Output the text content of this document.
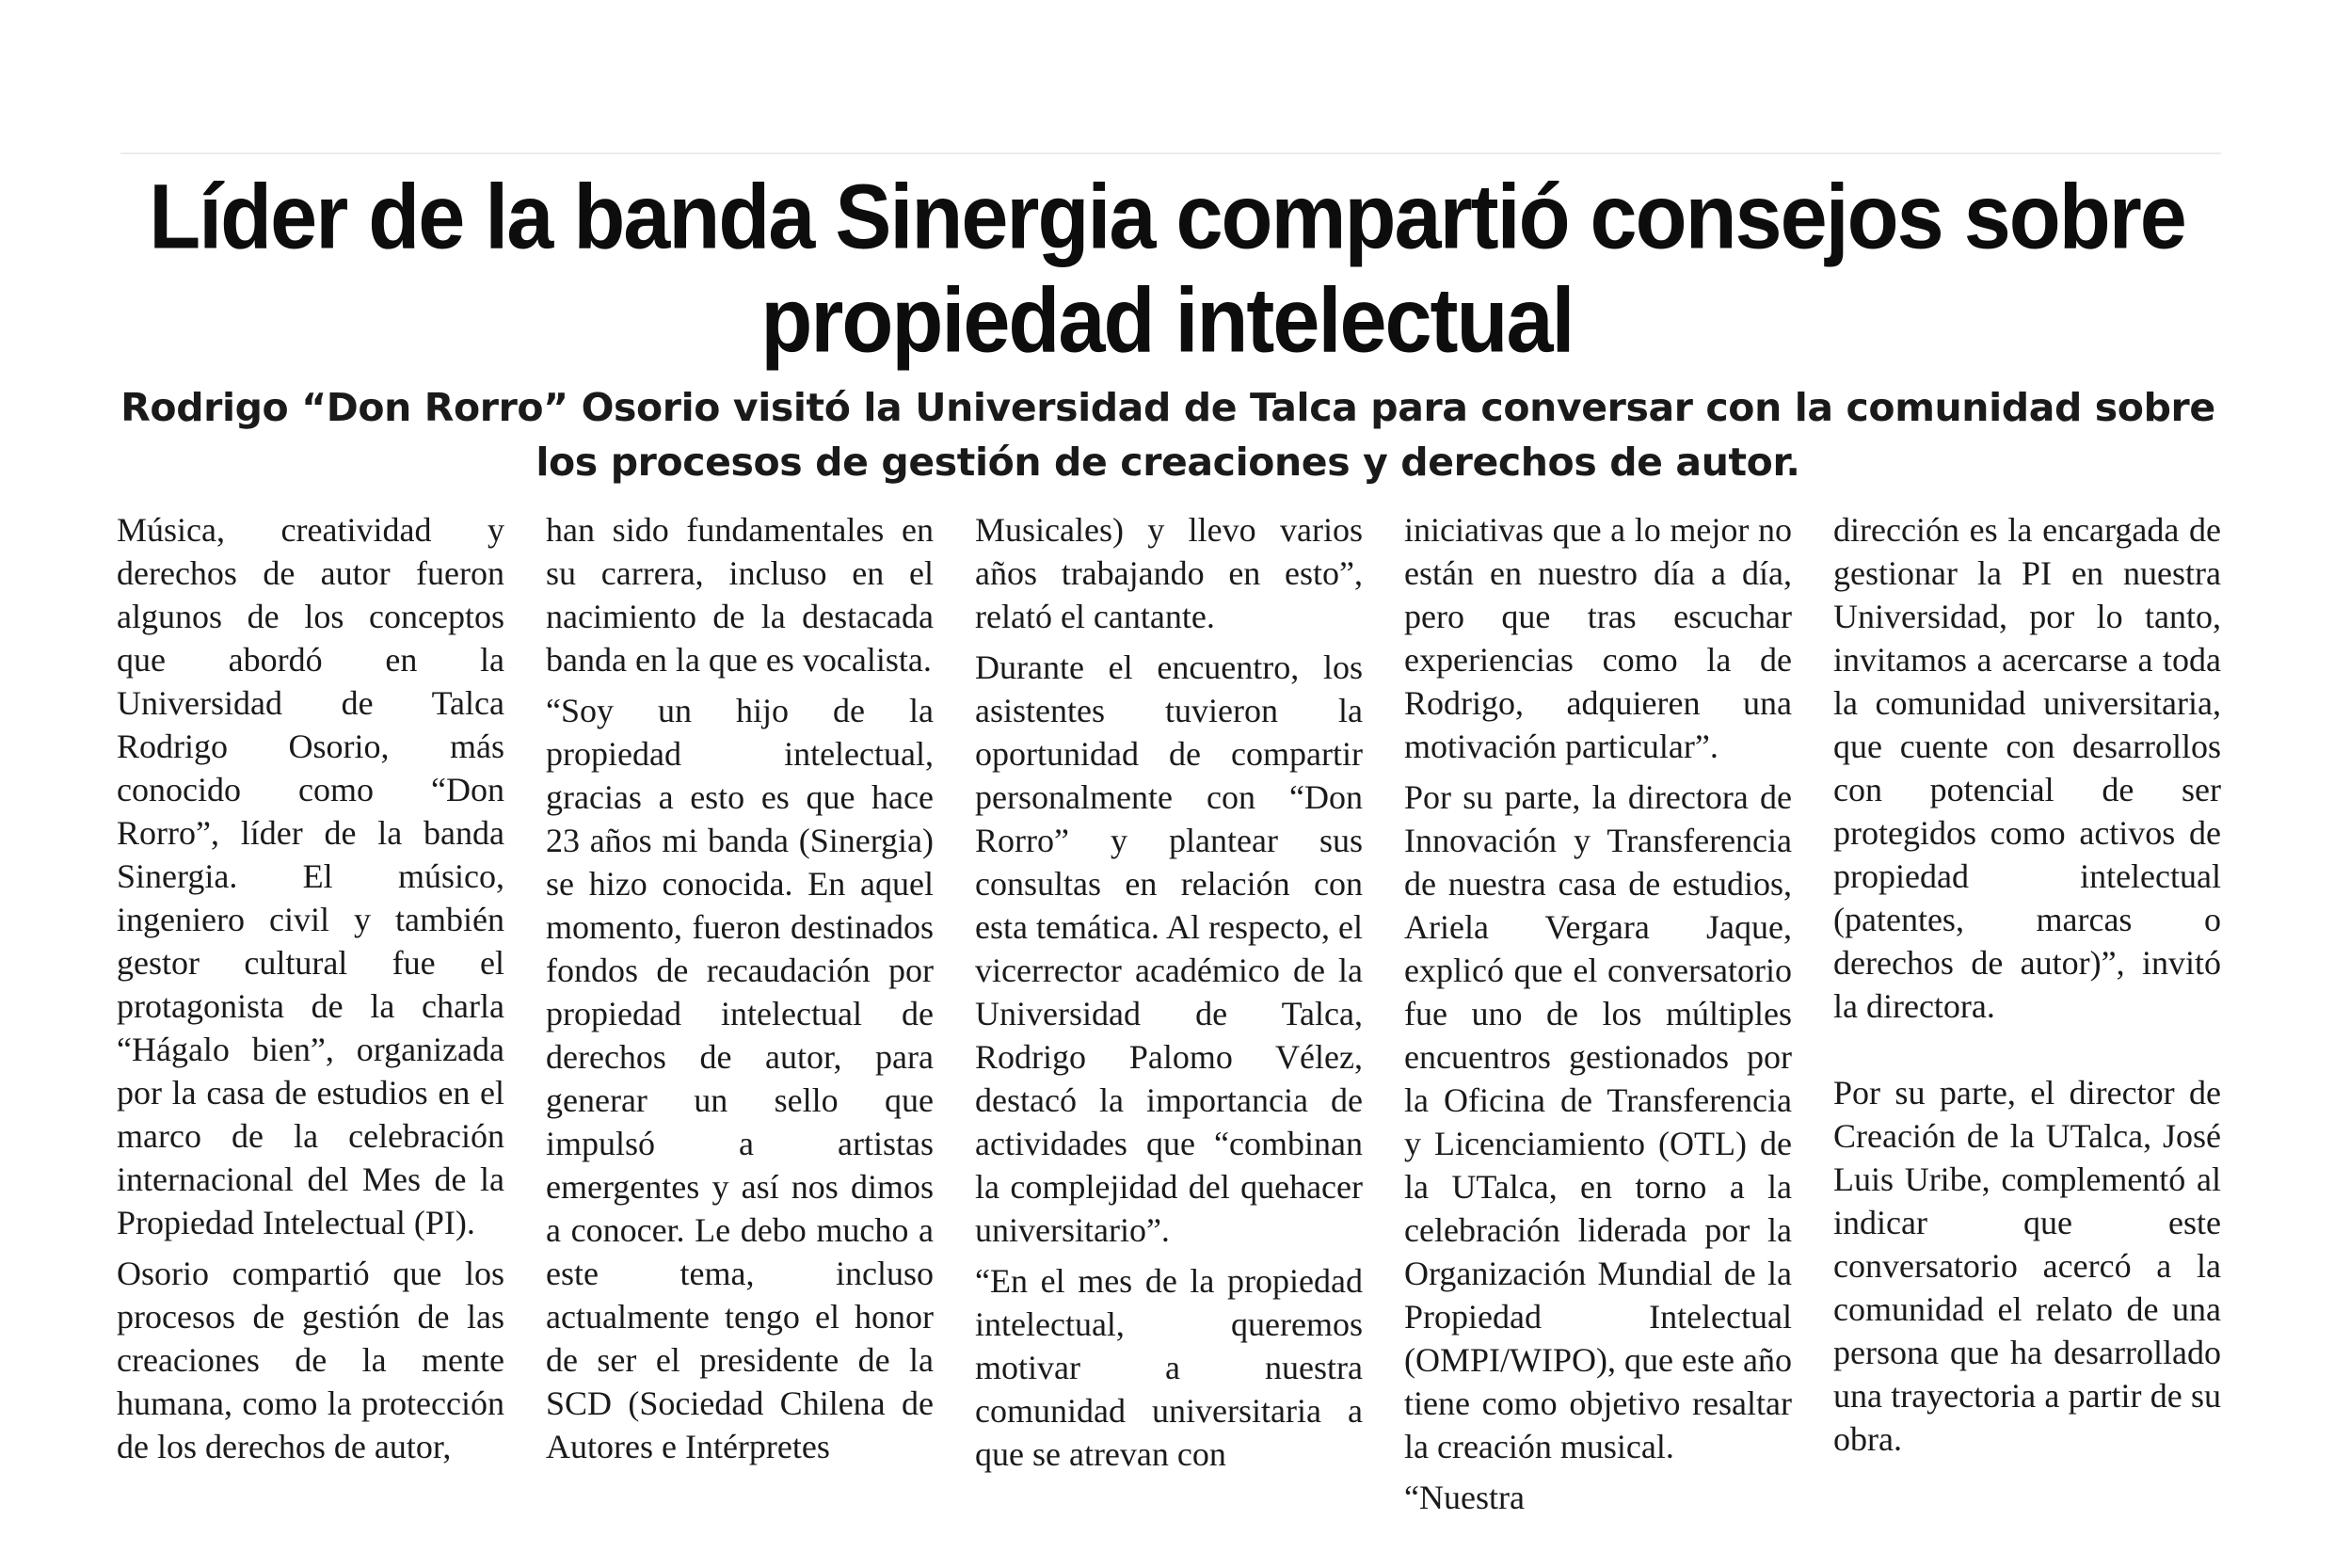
Líder de la banda Sinergia compartió consejos sobre propiedad intelectual
Rodrigo “Don Rorro” Osorio visitó la Universidad de Talca para conversar con la comunidad sobre los procesos de gestión de creaciones y derechos de autor.

Música, creatividad y derechos de autor fueron algunos de los conceptos que abordó en la Universidad de Talca Rodrigo Osorio, más conocido como “Don Rorro”, líder de la banda Sinergia. El músico, ingeniero civil y también gestor cultural fue el protagonista de la charla “Hágalo bien”, organizada por la casa de estudios en el marco de la celebración internacional del Mes de la Propiedad Intelectual (PI).

Osorio compartió que los procesos de gestión de las creaciones de la mente humana, como la protección de los derechos de autor,

han sido fundamentales en su carrera, incluso en el nacimiento de la destacada banda en la que es vocalista.

“Soy un hijo de la propiedad intelectual, gracias a esto es que hace 23 años mi banda (Sinergia) se hizo conocida. En aquel momento, fueron destinados fondos de recaudación por propiedad intelectual de derechos de autor, para generar un sello que impulsó a artistas emergentes y así nos dimos a conocer. Le debo mucho a este tema, incluso actualmente tengo el honor de ser el presidente de la SCD (Sociedad Chilena de Autores e Intérpretes

Musicales) y llevo varios años trabajando en esto”, relató el cantante.

Durante el encuentro, los asistentes tuvieron la oportunidad de compartir personalmente con “Don Rorro” y plantear sus consultas en relación con esta temática. Al respecto, el vicerrector académico de la Universidad de Talca, Rodrigo Palomo Vélez, destacó la importancia de actividades que “combinan la complejidad del quehacer universitario”.

“En el mes de la propiedad intelectual, queremos motivar a nuestra comunidad universitaria a que se atrevan con

iniciativas que a lo mejor no están en nuestro día a día, pero que tras escuchar experiencias como la de Rodrigo, adquieren una motivación particular”.

Por su parte, la directora de Innovación y Transferencia de nuestra casa de estudios, Ariela Vergara Jaque, explicó que el conversatorio fue uno de los múltiples encuentros gestionados por la Oficina de Transferencia y Licenciamiento (OTL) de la UTalca, en torno a la celebración liderada por la Organización Mundial de la Propiedad Intelectual (OMPI/WIPO), que este año tiene como objetivo resaltar la creación musical.

“Nuestra

dirección es la encargada de gestionar la PI en nuestra Universidad, por lo tanto, invitamos a acercarse a toda la comunidad universitaria, que cuente con desarrollos con potencial de ser protegidos como activos de propiedad intelectual (patentes, marcas o derechos de autor)”, invitó la directora.

Por su parte, el director de Creación de la UTalca, José Luis Uribe, complementó al indicar que este conversatorio acercó a la comunidad el relato de una persona que ha desarrollado una trayectoria a partir de su obra.
